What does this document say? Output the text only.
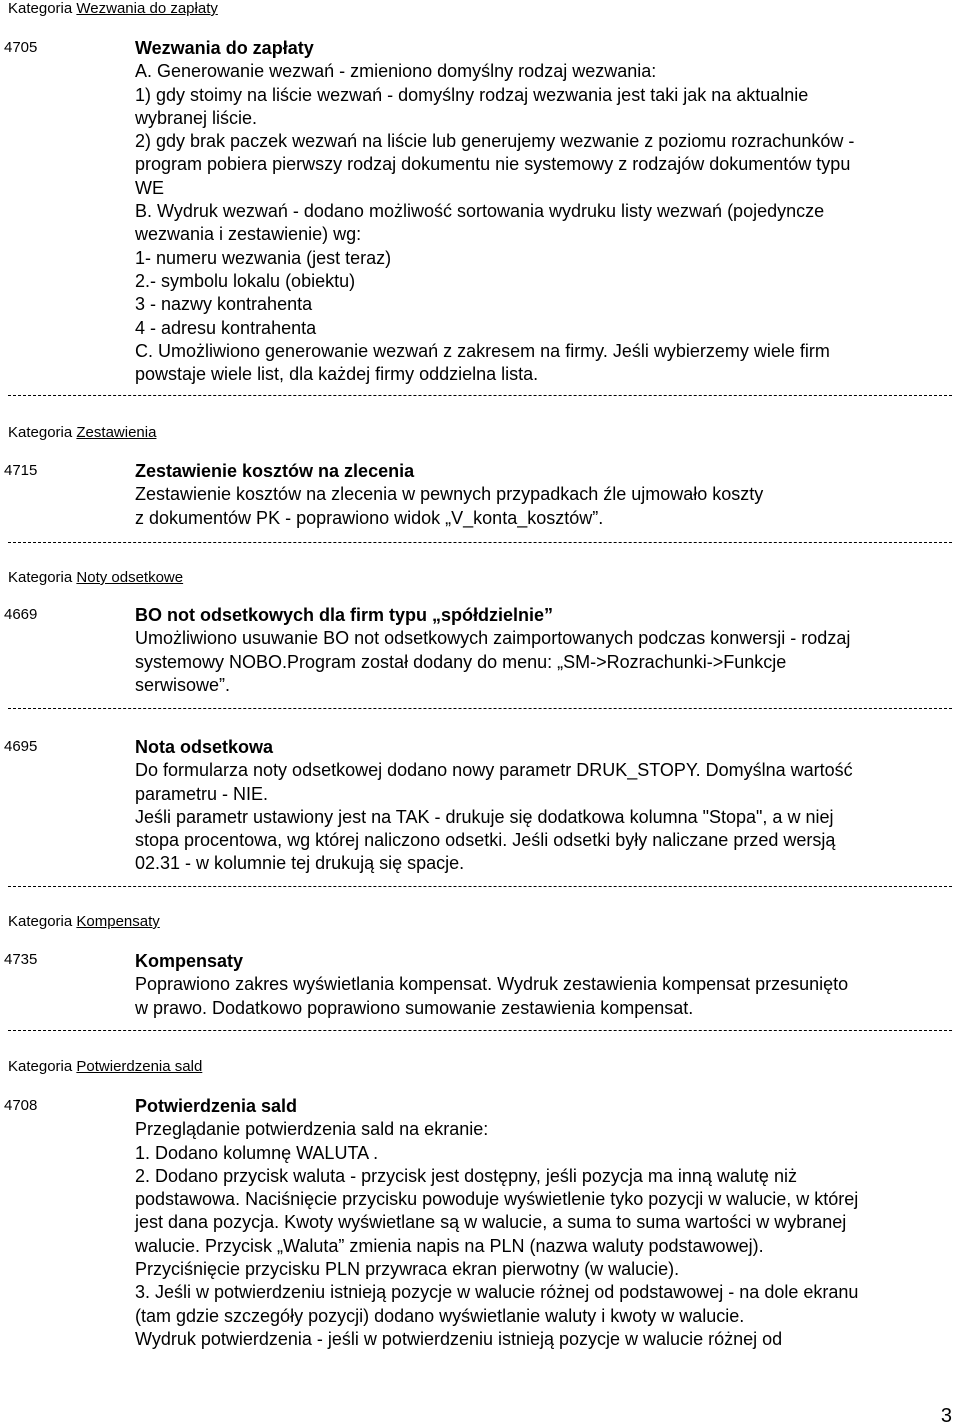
Kategoria Wezwania do zapłaty
4705	Wezwania do zapłaty
A. Generowanie wezwań - zmieniono domyślny rodzaj wezwania:
1) gdy stoimy na liście wezwań - domyślny rodzaj wezwania jest taki jak na aktualnie
wybranej liście.
2) gdy brak paczek wezwań na liście lub generujemy wezwanie z poziomu rozrachunków -
program pobiera pierwszy rodzaj dokumentu nie systemowy z rodzajów dokumentów typu
WE
B. Wydruk wezwań - dodano możliwość sortowania wydruku listy wezwań (pojedyncze
wezwania i zestawienie) wg:
1- numeru wezwania (jest teraz)
2.- symbolu lokalu (obiektu)
3 - nazwy kontrahenta
4 - adresu kontrahenta
C. Umożliwiono generowanie wezwań z zakresem na firmy. Jeśli wybierzemy wiele firm
powstaje wiele list, dla każdej firmy oddzielna lista.
Kategoria Zestawienia
4715	Zestawienie kosztów na zlecenia
Zestawienie kosztów na zlecenia w pewnych przypadkach źle ujmowało koszty
z dokumentów PK - poprawiono widok „V_konta_kosztów”.
Kategoria Noty odsetkowe
4669	BO not odsetkowych dla firm typu „spółdzielnie”
Umożliwiono usuwanie BO not odsetkowych zaimportowanych podczas konwersji - rodzaj
systemowy NOBO.Program został dodany do menu: „SM->Rozrachunki->Funkcje
serwisowe”.
4695	Nota odsetkowa
Do formularza noty odsetkowej dodano nowy parametr DRUK_STOPY. Domyślna wartość
parametru - NIE.
Jeśli parametr ustawiony jest na TAK - drukuje się dodatkowa kolumna "Stopa", a w niej
stopa procentowa, wg której naliczono odsetki. Jeśli odsetki były naliczane przed wersją
02.31 - w kolumnie tej drukują się spacje.
Kategoria Kompensaty
4735	Kompensaty
Poprawiono zakres wyświetlania kompensat. Wydruk zestawienia kompensat przesunięto
w prawo. Dodatkowo poprawiono sumowanie zestawienia kompensat.
Kategoria Potwierdzenia sald
4708	Potwierdzenia sald
Przeglądanie potwierdzenia sald na ekranie:
1. Dodano kolumnę WALUTA .
2. Dodano przycisk waluta - przycisk jest dostępny, jeśli pozycja ma inną walutę niż
podstawowa. Naciśnięcie przycisku powoduje wyświetlenie tyko pozycji w walucie, w której
jest dana pozycja. Kwoty wyświetlane są w walucie, a suma to suma wartości w wybranej
walucie. Przycisk „Waluta” zmienia napis na PLN (nazwa waluty podstawowej).
Przyciśnięcie przycisku PLN przywraca ekran pierwotny (w walucie).
3. Jeśli w potwierdzeniu istnieją pozycje w walucie różnej od podstawowej - na dole ekranu
(tam gdzie szczegóły pozycji) dodano wyświetlanie waluty i kwoty w walucie.
Wydruk potwierdzenia - jeśli w potwierdzeniu istnieją pozycje w walucie różnej od
3
